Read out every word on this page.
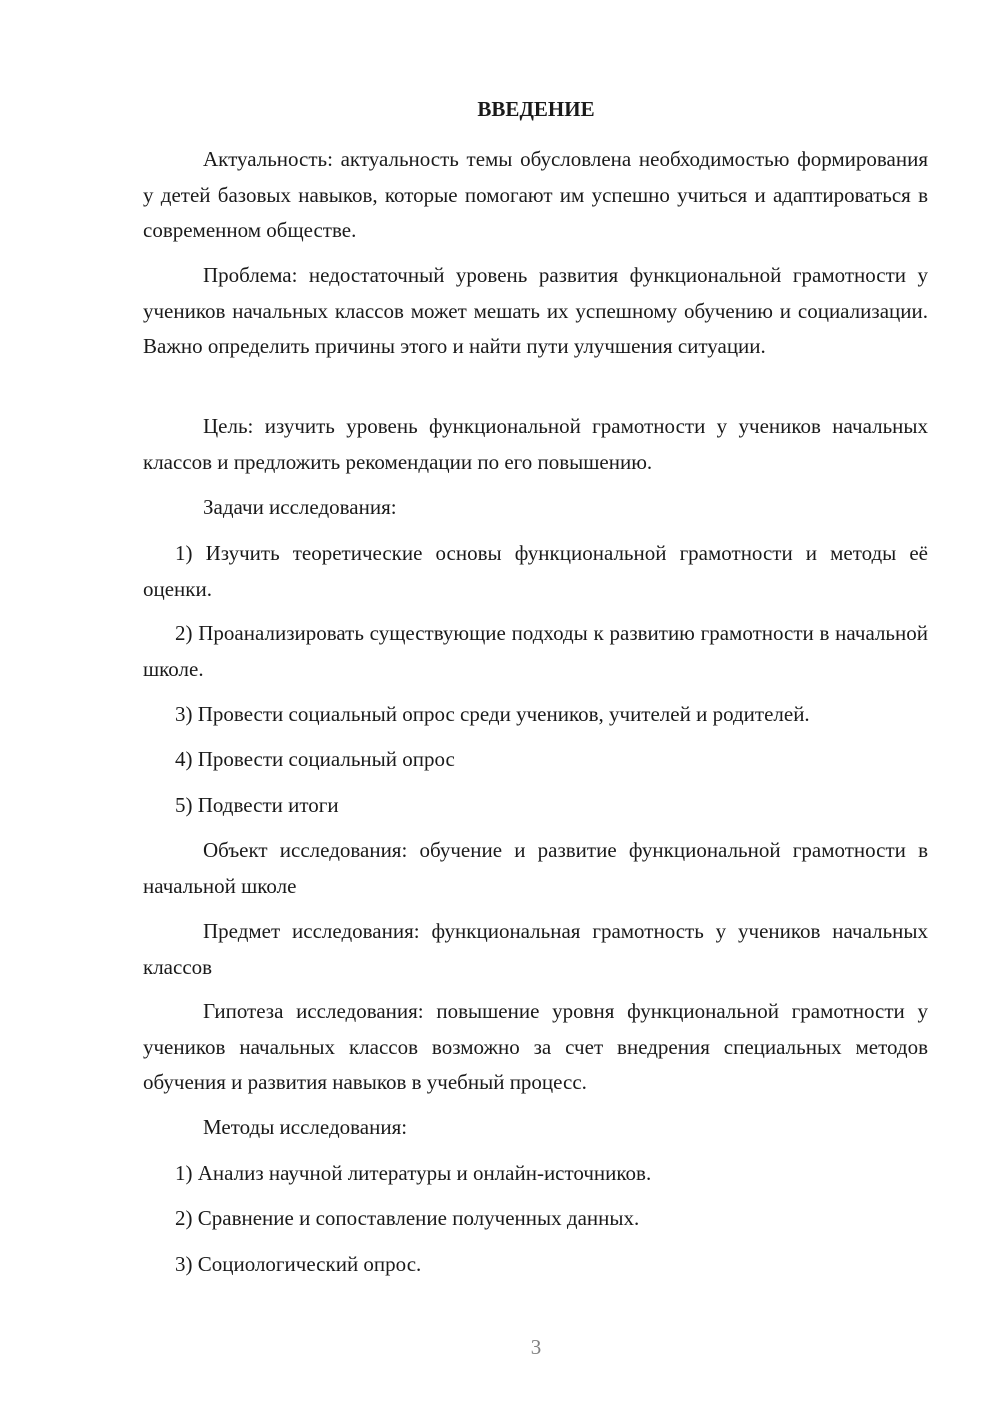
ВВЕДЕНИЕ

Актуальность: актуальность темы обусловлена необходимостью формирования у детей базовых навыков, которые помогают им успешно учиться и адаптироваться в современном обществе.

Проблема: недостаточный уровень развития функциональной грамотности у учеников начальных классов может мешать их успешному обучению и социализации. Важно определить причины этого и найти пути улучшения ситуации.

Цель: изучить уровень функциональной грамотности у учеников начальных классов и предложить рекомендации по его повышению.

Задачи исследования:

1) Изучить теоретические основы функциональной грамотности и методы её оценки.

2) Проанализировать существующие подходы к развитию грамотности в начальной школе.

3) Провести социальный опрос среди учеников, учителей и родителей.
4) Провести социальный опрос
5) Подвести итоги

Объект исследования: обучение и развитие функциональной грамотности в начальной школе

Предмет исследования: функциональная грамотность у учеников начальных классов

Гипотеза исследования: повышение уровня функциональной грамотности у учеников начальных классов возможно за счет внедрения специальных методов обучения и развития навыков в учебный процесс.

Методы исследования:
1) Анализ научной литературы и онлайн-источников.
2) Сравнение и сопоставление полученных данных.
3) Социологический опрос.
3
